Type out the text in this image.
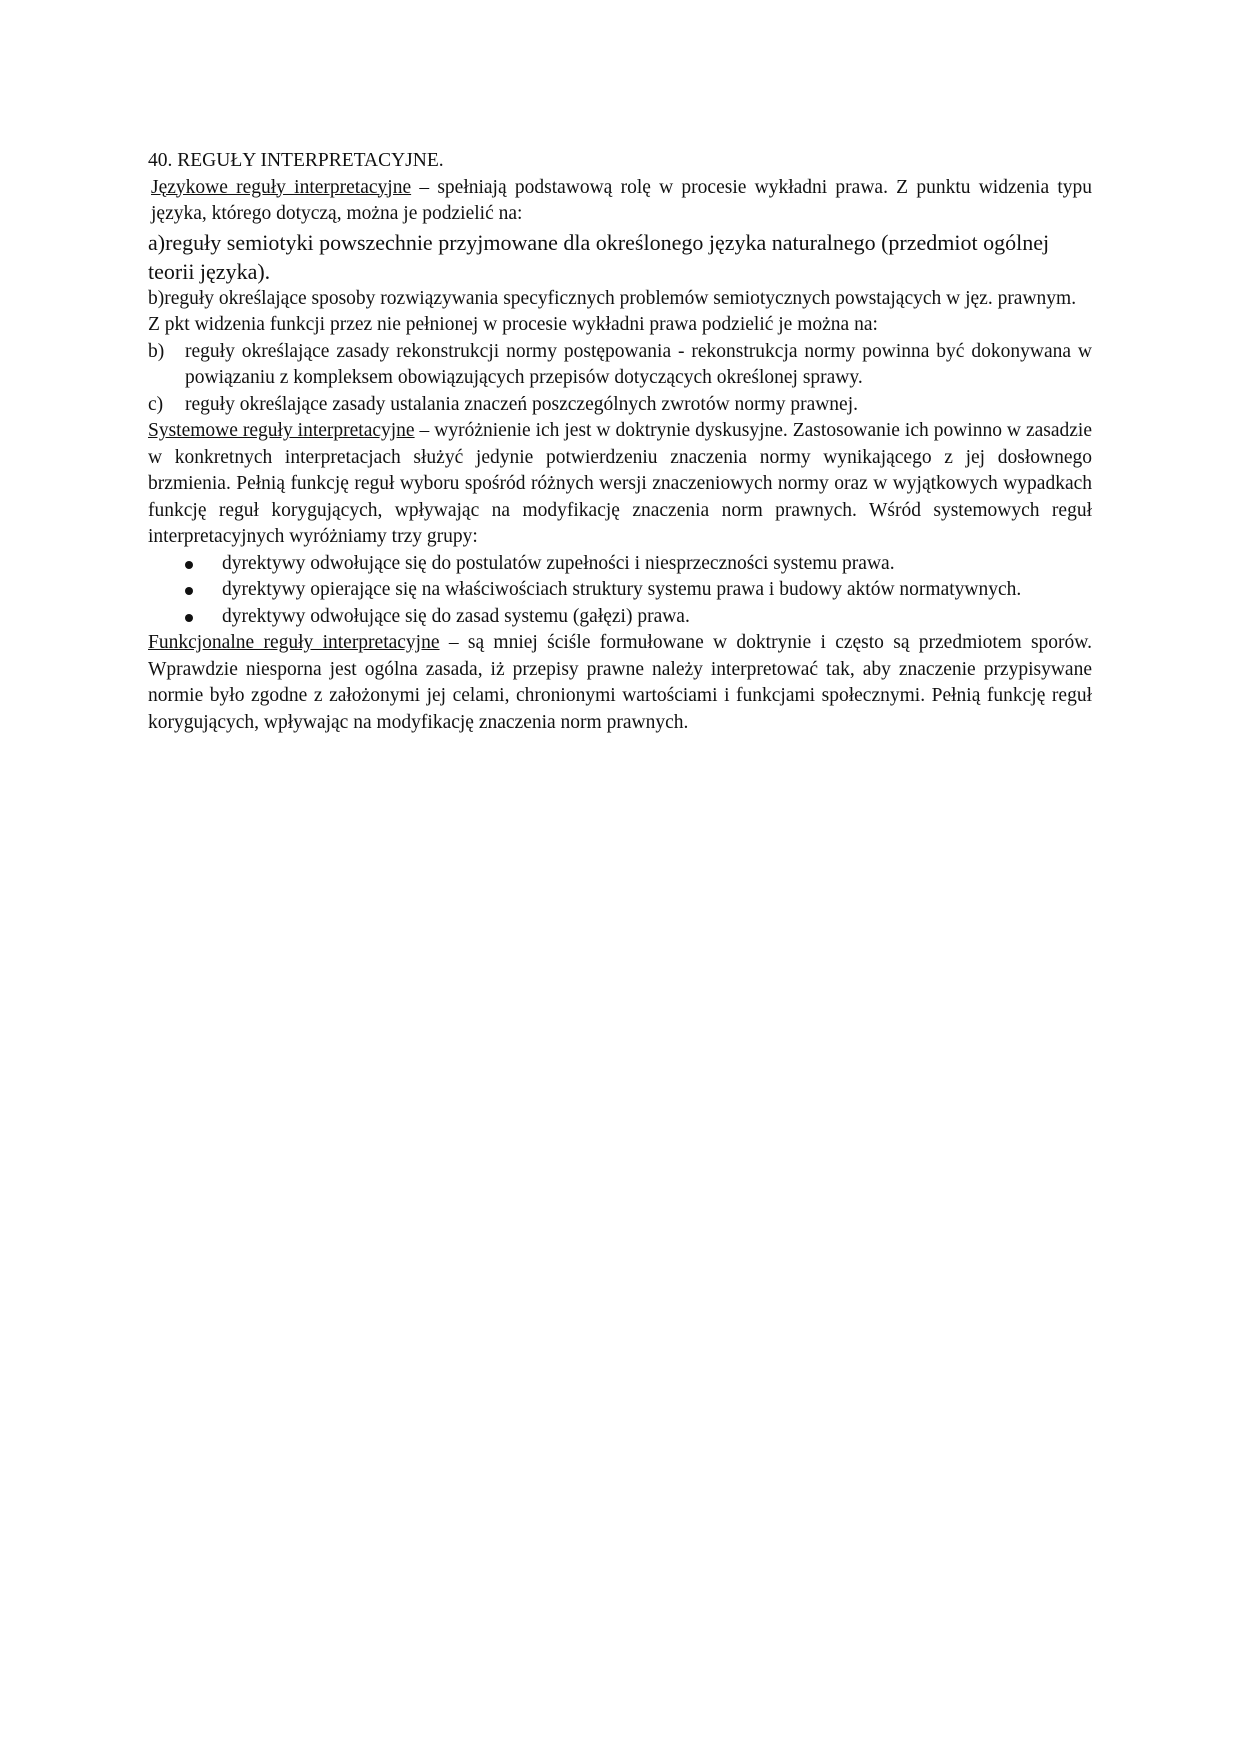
40. REGUŁY INTERPRETACYJNE.

Językowe reguły interpretacyjne – spełniają podstawową rolę w procesie wykładni prawa. Z punktu widzenia typu języka, którego dotyczą, można je podzielić na:

a)reguły semiotyki powszechnie przyjmowane dla określonego języka naturalnego (przedmiot ogólnej teorii języka).

b)reguły określające sposoby rozwiązywania specyficznych problemów semiotycznych powstających w jęz. prawnym.

Z pkt widzenia funkcji przez nie pełnionej w procesie wykładni prawa podzielić je można na:

b) reguły określające zasady rekonstrukcji normy postępowania - rekonstrukcja normy powinna być dokonywana w powiązaniu z kompleksem obowiązujących przepisów dotyczących określonej sprawy.
c) reguły określające zasady ustalania znaczeń poszczególnych zwrotów normy prawnej.

Systemowe reguły interpretacyjne – wyróżnienie ich jest w doktrynie dyskusyjne. Zastosowanie ich powinno w zasadzie w konkretnych interpretacjach służyć jedynie potwierdzeniu znaczenia normy wynikającego z jej dosłownego brzmienia. Pełnią funkcję reguł wyboru spośród różnych wersji znaczeniowych normy oraz w wyjątkowych wypadkach funkcję reguł korygujących, wpływając na modyfikację znaczenia norm prawnych. Wśród systemowych reguł interpretacyjnych wyróżniamy trzy grupy:

dyrektywy odwołujące się do postulatów zupełności i niesprzeczności systemu prawa.
dyrektywy opierające się na właściwościach struktury systemu prawa i budowy aktów normatywnych.
dyrektywy odwołujące się do zasad systemu (gałęzi) prawa.

Funkcjonalne reguły interpretacyjne – są mniej ściśle formułowane w doktrynie i często są przedmiotem sporów. Wprawdzie niesporna jest ogólna zasada, iż przepisy prawne należy interpretować tak, aby znaczenie przypisywane normie było zgodne z założonymi jej celami, chronionymi wartościami i funkcjami społecznymi. Pełnią funkcję reguł korygujących, wpływając na modyfikację znaczenia norm prawnych.
